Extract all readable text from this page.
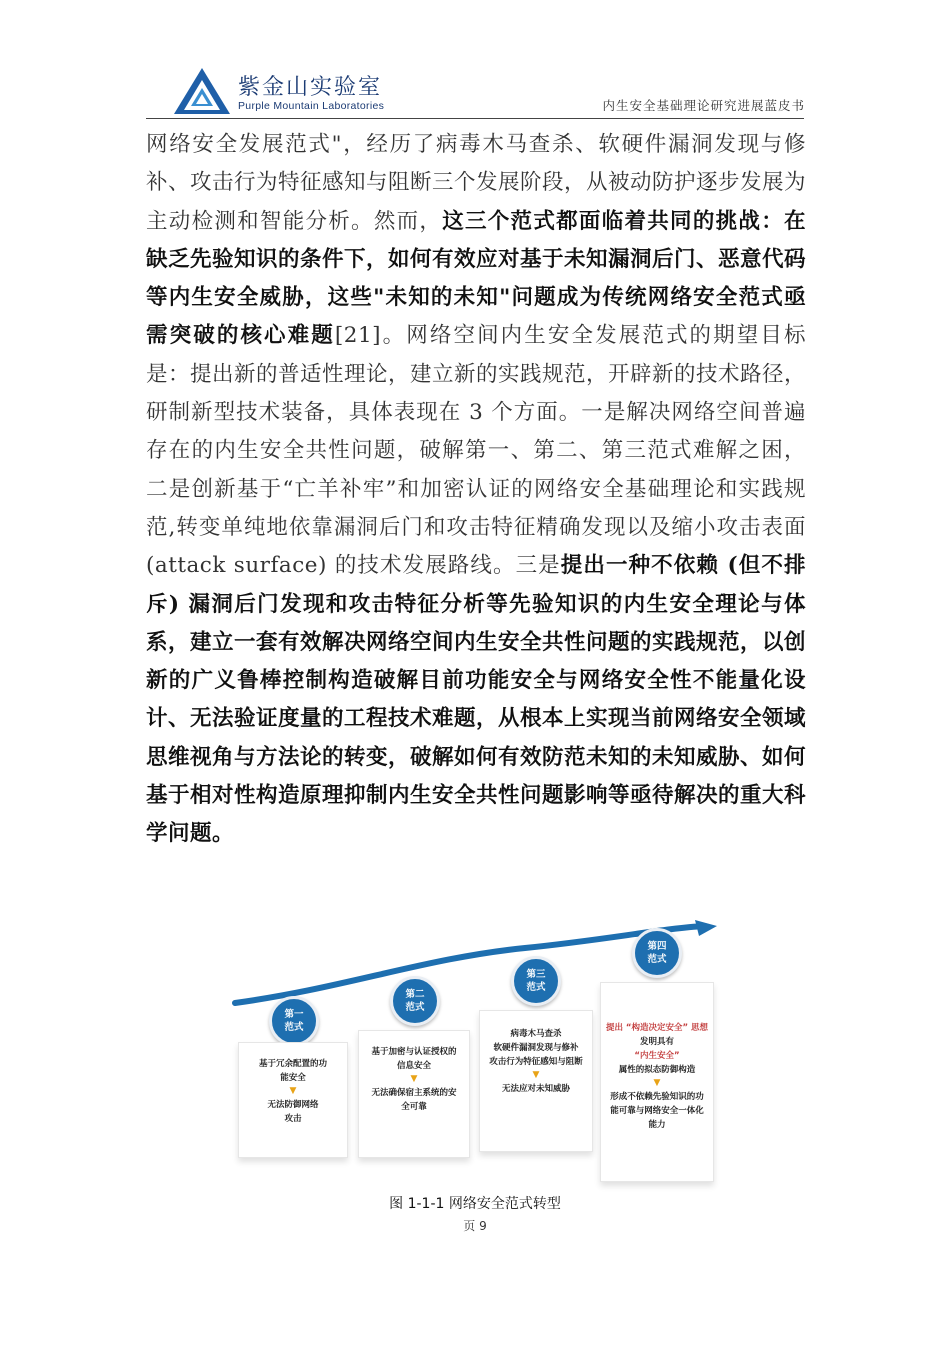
紫金山实验室
Purple Mountain Laboratories	内生安全基础理论研究进展蓝皮书
网络安全发展范式"，经历了病毒木马查杀、软硬件漏洞发现与修补、攻击行为特征感知与阻断三个发展阶段，从被动防护逐步发展为主动检测和智能分析。然而，这三个范式都面临着共同的挑战：在缺乏先验知识的条件下，如何有效应对基于未知漏洞后门、恶意代码等内生安全威胁，这些"未知的未知"问题成为传统网络安全范式亟需突破的核心难题[21]。网络空间内生安全发展范式的期望目标是：提出新的普适性理论，建立新的实践规范，开辟新的技术路径，研制新型技术装备，具体表现在 3 个方面。一是解决网络空间普遍存在的内生安全共性问题，破解第一、第二、第三范式难解之困， 二是创新基于“亡羊补牢”和加密认证的网络安全基础理论和实践规范,转变单纯地依靠漏洞后门和攻击特征精确发现以及缩小攻击表面 (attack surface) 的技术发展路线。三是提出一种不依赖 (但不排斥) 漏洞后门发现和攻击特征分析等先验知识的内生安全理论与体系，建立一套有效解决网络空间内生安全共性问题的实践规范，以创新的广义鲁棒控制构造破解目前功能安全与网络安全性不能量化设计、无法验证度量的工程技术难题，从根本上实现当前网络安全领域思维视角与方法论的转变，破解如何有效防范未知的未知威胁、如何基于相对性构造原理抑制内生安全共性问题影响等亟待解决的重大科学问题。
第一
范式
基于冗余配置的功
能安全
▼
无法防御网络
攻击
第二
范式
基于加密与认证授权的
信息安全
▼
无法确保宿主系统的安
全可靠
第三
范式
病毒木马查杀
软硬件漏洞发现与修补
攻击行为特征感知与阻断
▼
无法应对未知威胁
第四
范式
提出 “构造决定安全” 思想
发明具有
“内生安全”
属性的拟态防御构造
▼
形成不依赖先验知识的功
能可靠与网络安全一体化
能力
图 1-1-1 网络安全范式转型
页 9
